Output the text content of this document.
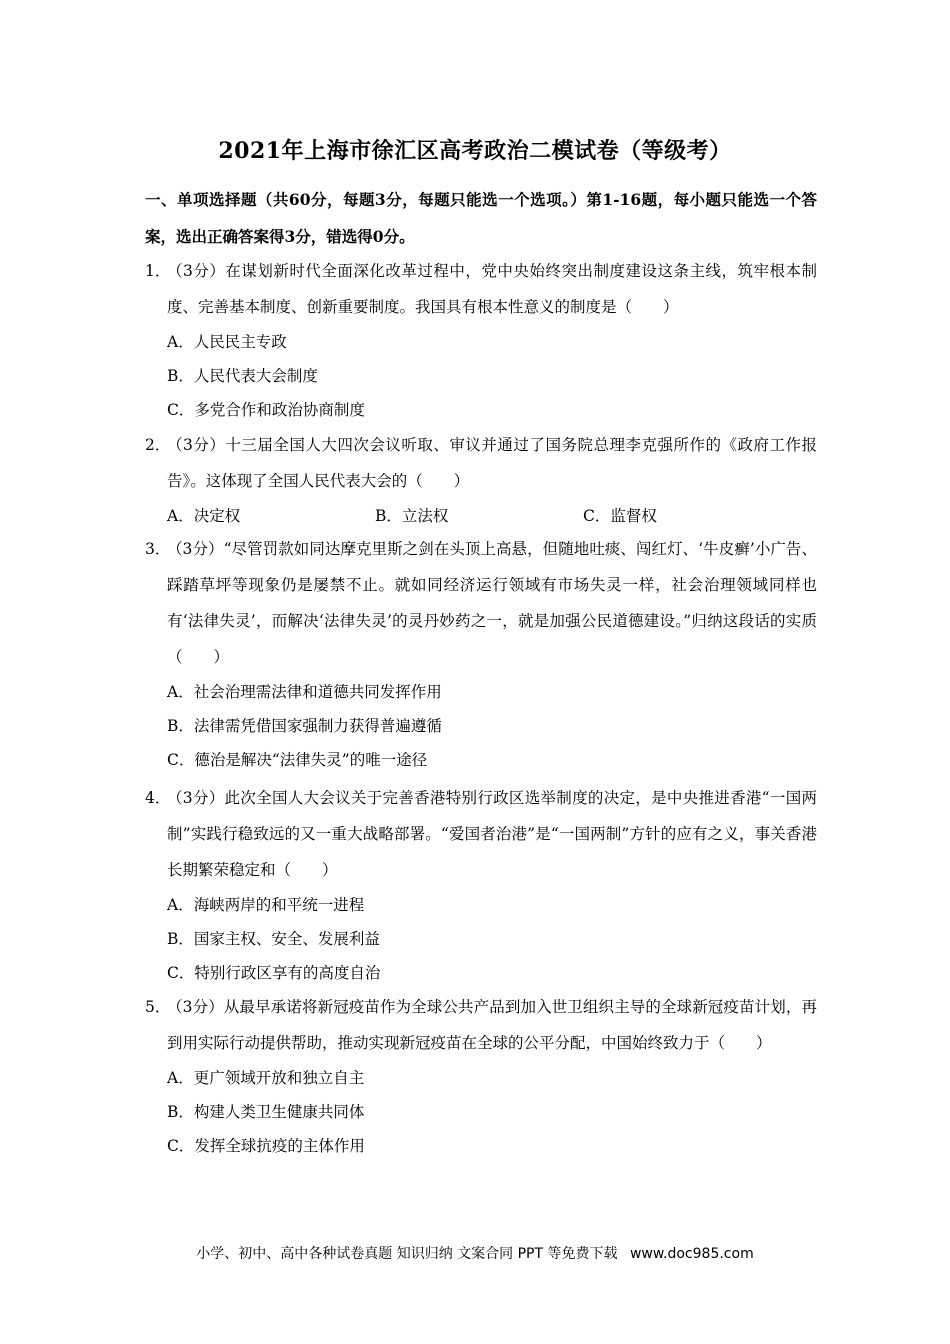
2021年上海市徐汇区高考政治二模试卷（等级考）
一、单项选择题（共60分，每题3分，每题只能选一个选项。）第1-16题，每小题只能选一个答案，选出正确答案得3分，错选得0分。
1．
（3分）在谋划新时代全面深化改革过程中，党中央始终突出制度建设这条主线，筑牢根本制度、完善基本制度、创新重要制度。我国具有根本性意义的制度是（　　）
A．人民民主专政
B．人民代表大会制度
C．多党合作和政治协商制度
2．
（3分）十三届全国人大四次会议听取、审议并通过了国务院总理李克强所作的《政府工作报告》。这体现了全国人民代表大会的（　　）
A．决定权	B．立法权	C．监督权
3．
（3分）“尽管罚款如同达摩克里斯之剑在头顶上高悬，但随地吐痰、闯红灯、‘牛皮癣’小广告、踩踏草坪等现象仍是屡禁不止。就如同经济运行领域有市场失灵一样，社会治理领域同样也有‘法律失灵’，而解决‘法律失灵’的灵丹妙药之一，就是加强公民道德建设。”归纳这段话的实质（　　）
A．社会治理需法律和道德共同发挥作用
B．法律需凭借国家强制力获得普遍遵循
C．德治是解决“法律失灵”的唯一途径
4．
（3分）此次全国人大会议关于完善香港特别行政区选举制度的决定，是中央推进香港“一国两制”实践行稳致远的又一重大战略部署。“爱国者治港”是“一国两制”方针的应有之义，事关香港长期繁荣稳定和（　　）
A．海峡两岸的和平统一进程
B．国家主权、安全、发展利益
C．特别行政区享有的高度自治
5．
（3分）从最早承诺将新冠疫苗作为全球公共产品到加入世卫组织主导的全球新冠疫苗计划，再到用实际行动提供帮助，推动实现新冠疫苗在全球的公平分配，中国始终致力于（　　）
A．更广领域开放和独立自主
B．构建人类卫生健康共同体
C．发挥全球抗疫的主体作用
小学、初中、高中各种试卷真题 知识归纳 文案合同 PPT 等免费下载 www.doc985.com
